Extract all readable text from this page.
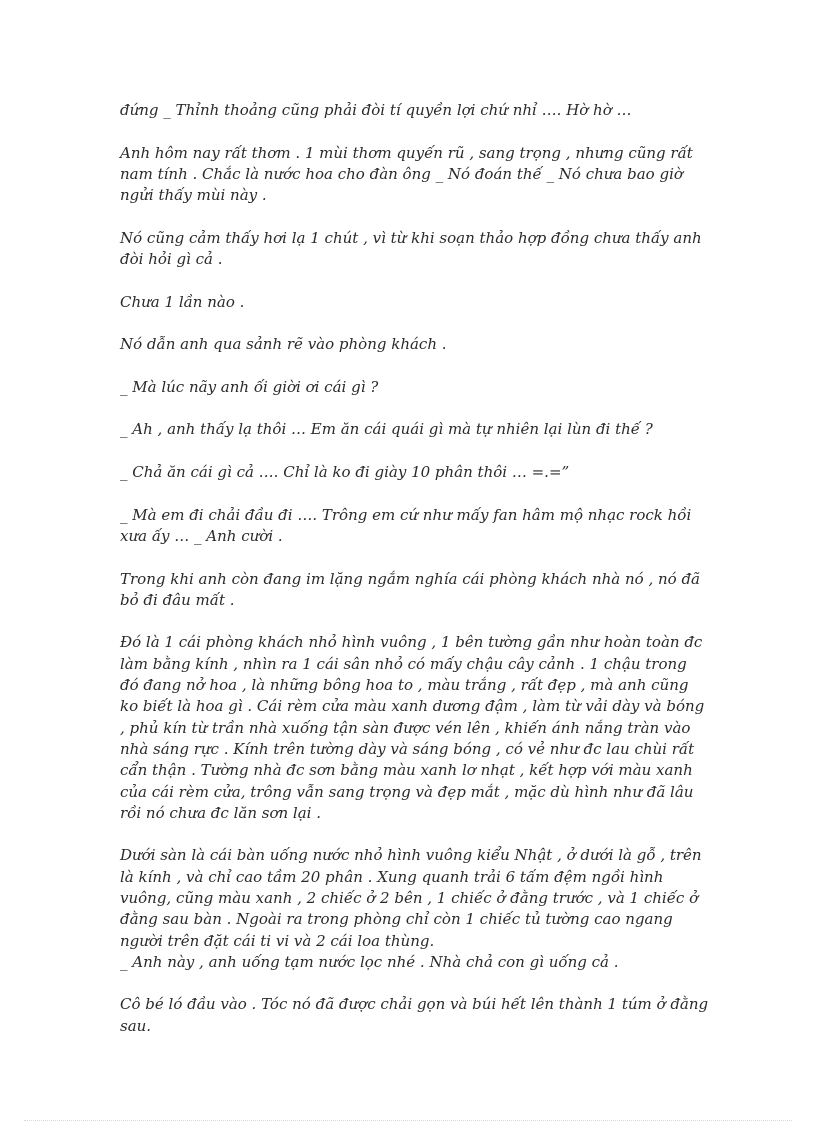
đứng _ Thỉnh thoảng cũng phải đòi tí quyền lợi chứ nhỉ …. Hờ hờ …

Anh hôm nay rất thơm . 1 mùi thơm quyến rũ , sang trọng , nhưng cũng rất nam tính . Chắc là nước hoa cho đàn ông _ Nó đoán thế _ Nó chưa bao giờ ngửi thấy mùi này .

Nó cũng cảm thấy hơi lạ 1 chút , vì từ khi soạn thảo hợp đồng chưa thấy anh đòi hỏi gì cả .

Chưa 1 lần nào .

Nó dẫn anh qua sảnh rẽ vào phòng khách .

_ Mà lúc nãy anh ối giời ơi cái gì ?

_ Ah , anh thấy lạ thôi … Em ăn cái quái gì mà tự nhiên lại lùn đi thế ?

_ Chả ăn cái gì cả …. Chỉ là ko đi giày 10 phân thôi … =.=”

_ Mà em đi chải đầu đi …. Trông em cứ như mấy fan hâm mộ nhạc rock hồi xưa ấy … _ Anh cười .

Trong khi anh còn đang im lặng ngắm nghía cái phòng khách nhà nó , nó đã bỏ đi đâu mất .

Đó là 1 cái phòng khách nhỏ hình vuông , 1 bên tường gần như hoàn toàn đc làm bằng kính , nhìn ra 1 cái sân nhỏ có mấy chậu cây cảnh . 1 chậu trong đó đang nở hoa , là những bông hoa to , màu trắng , rất đẹp , mà anh cũng ko biết là hoa gì . Cái rèm cửa màu xanh dương đậm , làm từ vải dày và bóng , phủ kín từ trần nhà xuống tận sàn được vén lên , khiến ánh nắng tràn vào nhà sáng rực . Kính trên tường dày và sáng bóng , có vẻ như đc lau chùi rất cẩn thận . Tường nhà đc sơn bằng màu xanh lơ nhạt , kết hợp với màu xanh của cái rèm cửa, trông vẫn sang trọng và đẹp mắt , mặc dù hình như đã lâu rồi nó chưa đc lăn sơn lại .

Dưới sàn là cái bàn uống nước nhỏ hình vuông kiểu Nhật , ở dưới là gỗ , trên là kính , và chỉ cao tầm 20 phân . Xung quanh trải 6 tấm đệm ngồi hình vuông, cũng màu xanh , 2 chiếc ở 2 bên , 1 chiếc ở đằng trước , và 1 chiếc ở đằng sau bàn . Ngoài ra trong phòng chỉ còn 1 chiếc tủ tường cao ngang người trên đặt cái ti vi và 2 cái loa thùng.

_ Anh này , anh uống tạm nước lọc nhé . Nhà chả con gì uống cả .

Cô bé ló đầu vào . Tóc nó đã được chải gọn và búi hết lên thành 1 túm ở đằng sau.
